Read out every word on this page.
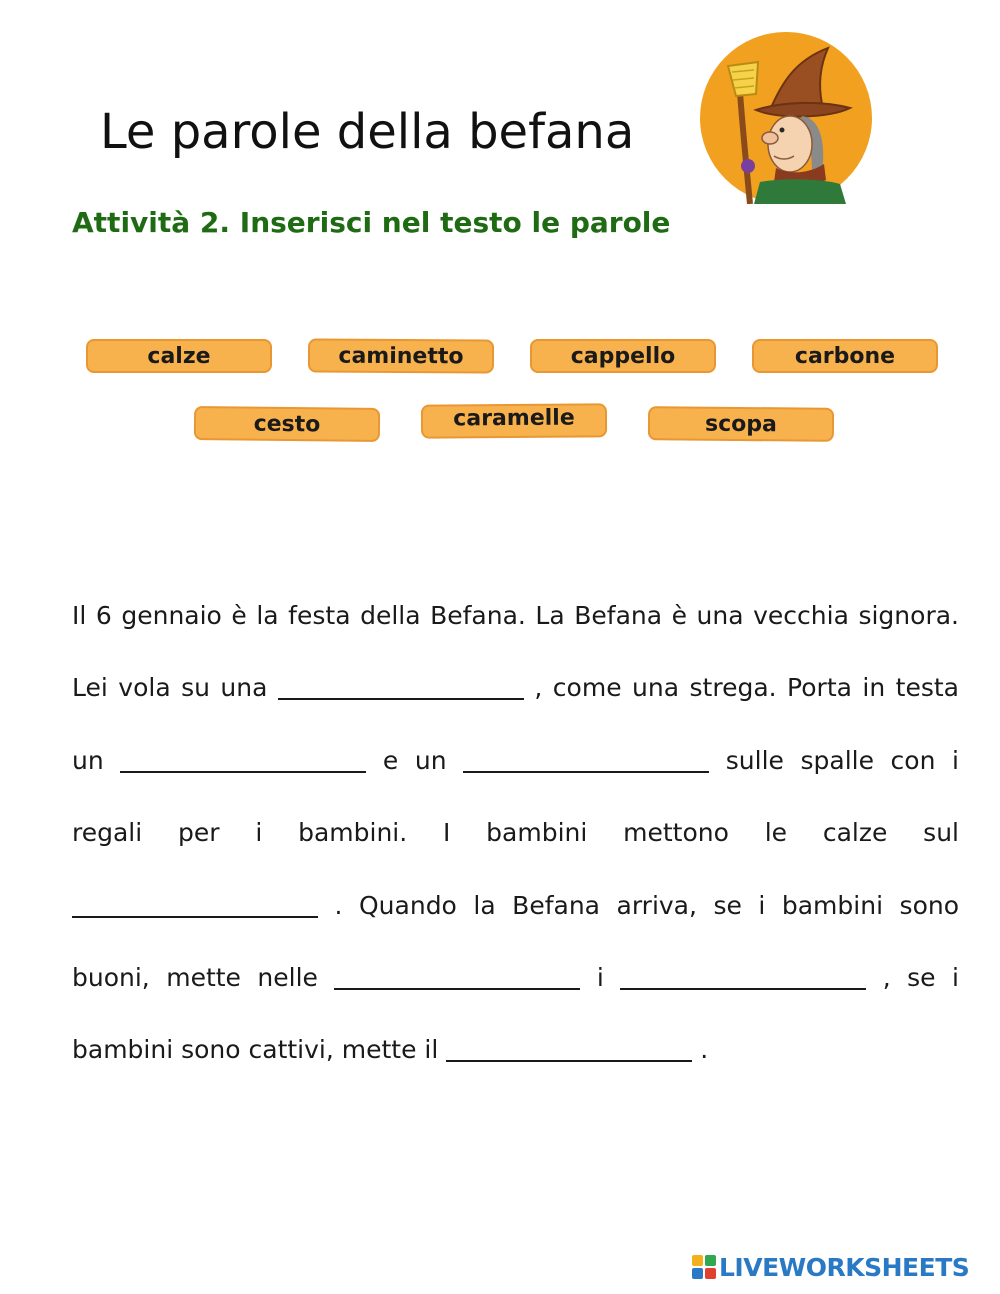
Le parole della befana
Attività 2. Inserisci nel testo le parole
calze	caminetto	cappello	carbone
cesto	caramelle	scopa
Il 6 gennaio è la festa della Befana. La Befana è una vecchia signora. Lei vola su una	, come una strega. Porta in testa un	e un	sulle spalle con i regali per i bambini. I bambini mettono le calze sul  . Quando la Befana arriva, se i bambini sono buoni, mette nelle	i	, se i bambini sono cattivi, mette il	.
LIVEWORKSHEETS
